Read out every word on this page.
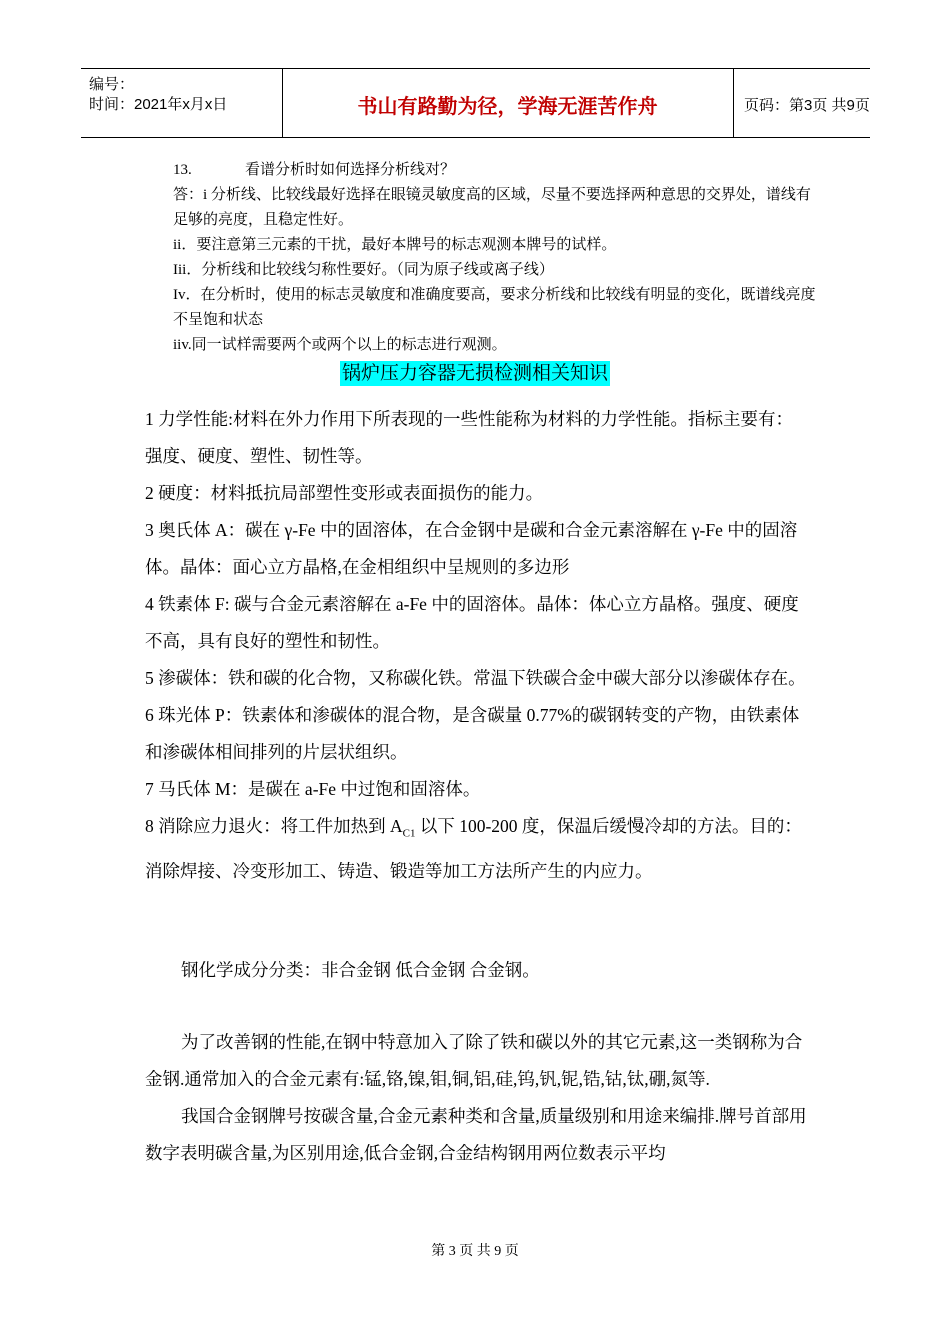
编号：
时间：2021年x月x日	书山有路勤为径，学海无涯苦作舟	页码：第3页 共9页

13.	看谱分析时如何选择分析线对？

答：i 分析线、比较线最好选择在眼镜灵敏度高的区域，尽量不要选择两种意思的交界处，谱线有足够的亮度，且稳定性好。

ii．要注意第三元素的干扰，最好本牌号的标志观测本牌号的试样。

Iii．分析线和比较线匀称性要好。（同为原子线或离子线）

Iv．在分析时，使用的标志灵敏度和准确度要高，要求分析线和比较线有明显的变化，既谱线亮度不呈饱和状态

iiv.同一试样需要两个或两个以上的标志进行观测。

锅炉压力容器无损检测相关知识

1 力学性能:材料在外力作用下所表现的一些性能称为材料的力学性能。指标主要有：强度、硬度、塑性、韧性等。

2 硬度：材料抵抗局部塑性变形或表面损伤的能力。

3 奥氏体 A：碳在 γ-Fe 中的固溶体，在合金钢中是碳和合金元素溶解在 γ-Fe 中的固溶体。晶体：面心立方晶格,在金相组织中呈规则的多边形

4 铁素体 F: 碳与合金元素溶解在 a-Fe 中的固溶体。晶体：体心立方晶格。强度、硬度不高，具有良好的塑性和韧性。

5 渗碳体：铁和碳的化合物，又称碳化铁。常温下铁碳合金中碳大部分以渗碳体存在。

6 珠光体 P：铁素体和渗碳体的混合物，是含碳量 0.77%的碳钢转变的产物，由铁素体和渗碳体相间排列的片层状组织。

7 马氏体 M：是碳在 a-Fe 中过饱和固溶体。

8 消除应力退火：将工件加热到 $A_{C1}$ 以下 100-200 度，保温后缓慢冷却的方法。目的：消除焊接、冷变形加工、铸造、锻造等加工方法所产生的内应力。

钢化学成分分类：非合金钢 低合金钢 合金钢。

为了改善钢的性能,在钢中特意加入了除了铁和碳以外的其它元素,这一类钢称为合金钢.通常加入的合金元素有:锰,铬,镍,钼,铜,铝,硅,钨,钒,铌,锆,钴,钛,硼,氮等.

我国合金钢牌号按碳含量,合金元素种类和含量,质量级别和用途来编排.牌号首部用数字表明碳含量,为区别用途,低合金钢,合金结构钢用两位数表示平均

第 3 页 共 9 页
